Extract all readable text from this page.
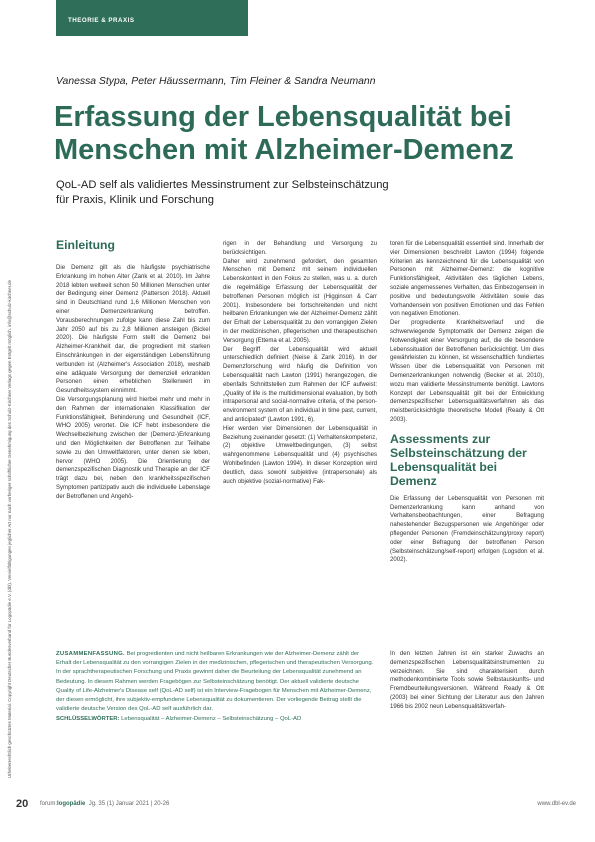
Urheberrechtlich geschütztes Material. Copyright Deutscher Bundesverband für Logopädie e.V. (dbl). Vervielfältigungen jeglicher Art nur nach vorheriger schriftlicher Genehmigung des Schulz-Kirchner Verlags gegen Entgelt möglich. info@schulz-kirchner.de
THEORIE & PRAXIS
Vanessa Stypa, Peter Häussermann, Tim Fleiner & Sandra Neumann
Erfassung der Lebensqualität bei Menschen mit Alzheimer-Demenz

QoL-AD self als validiertes Messinstrument zur Selbsteinschätzung

für Praxis, Klinik und Forschung

Einleitung

Die Demenz gilt als die häufigste psychiatrische Erkrankung im hohen Alter (Zank et al. 2010). Im Jahre 2018 lebten weltweit schon 50 Millionen Menschen unter der Bedingung einer Demenz (Patterson 2018). Aktuell sind in Deutschland rund 1,6 Millionen Menschen von einer Demenzerkrankung betroffen. Vorausberechnungen zufolge kann diese Zahl bis zum Jahr 2050 auf bis zu 2,8 Millionen ansteigen (Bickel 2020). Die häufigste Form stellt die Demenz bei Alzheimer-Krankheit dar, die progredient mit starken Einschränkungen in der eigenständigen Lebensführung verbunden ist (Alzheimer's Association 2018), weshalb eine adäquate Versorgung der demenziell erkrankten Personen einen erheblichen Stellenwert im Gesundheitssystem einnimmt.

Die Versorgungsplanung wird hierbei mehr und mehr in den Rahmen der internationalen Klassifikation der Funktionsfähigkeit, Behinderung und Gesundheit (ICF, WHO 2005) verortet. Die ICF hebt insbesondere die Wechselbeziehung zwischen der (Demenz-)Erkrankung und den Möglichkeiten der Betroffenen zur Teilhabe sowie zu den Umweltfaktoren, unter denen sie leben, hervor (WHO 2005). Die Orientierung der demenzspezifischen Diagnostik und Therapie an der ICF trägt dazu bei, neben den krankheitsspezifischen Symptomen partizipativ auch die individuelle Lebenslage der Betroffenen und Angehö-

rigen in der Behandlung und Versorgung zu berücksichtigen.

Daher wird zunehmend gefordert, den gesamten Menschen mit Demenz mit seinem individuellen Lebenskontext in den Fokus zu stellen, was u. a. durch die regelmäßige Erfassung der Lebensqualität der betroffenen Personen möglich ist (Higginson & Carr 2001). Insbesondere bei fortschreitenden und nicht heilbaren Erkrankungen wie der Alzheimer-Demenz zählt der Erhalt der Lebensqualität zu den vorrangigen Zielen in der medizinischen, pflegerischen und therapeutischen Versorgung (Ettema et al. 2005).

Der Begriff der Lebensqualität wird aktuell unterschiedlich definiert (Neise & Zank 2016). In der Demenzforschung wird häufig die Definition von Lebensqualität nach Lawton (1991) herangezogen, die ebenfalls Schnittstellen zum Rahmen der ICF aufweist: „Quality of life is the multidimensional evaluation, by both intrapersonal and social-normative criteria, of the person-environment system of an individual in time past, current, and anticipated“ (Lawton 1991, 6).

Hier werden vier Dimensionen der Lebensqualität in Beziehung zueinander gesetzt: (1) Verhaltenskompetenz, (2) objektive Umweltbedingungen, (3) selbst wahrgenommene Lebensqualität und (4) psychisches Wohlbefinden (Lawton 1994). In dieser Konzeption wird deutlich, dass sowohl subjektive (intrapersonale) als auch objektive (sozial-normative) Fak-

toren für die Lebensqualität essentiell sind. Innerhalb der vier Dimensionen beschreibt Lawton (1994) folgende Kriterien als kennzeichnend für die Lebensqualität von Personen mit Alzheimer-Demenz: die kognitive Funktionsfähigkeit, Aktivitäten des täglichen Lebens, soziale angemessenes Verhalten, das Einbezogensein in positive und bedeutungsvolle Aktivitäten sowie das Vorhandensein von positiven Emotionen und das Fehlen von negativen Emotionen.

Der progrediente Krankheitsverlauf und die schwerwiegende Symptomatik der Demenz zeigen die Notwendigkeit einer Versorgung auf, die die besondere Lebenssituation der Betroffenen berücksichtigt. Um dies gewährleisten zu können, ist wissenschaftlich fundiertes Wissen über die Lebensqualität von Personen mit Demenzerkrankungen notwendig (Becker et al. 2010), wozu man validierte Messinstrumente benötigt. Lawtons Konzept der Lebensqualität gilt bei der Entwicklung demenzspezifischer Lebensqualitätsverfahren als das meistberücksichtigte theoretische Modell (Ready & Ott 2003).

Assessments zur Selbsteinschätzung der Lebensqualität bei Demenz

Die Erfassung der Lebensqualität von Personen mit Demenzerkrankung kann anhand von Verhaltensbeobachtungen, einer Befragung nahestehender Bezugspersonen wie Angehöriger oder pflegender Personen (Fremdeinschätzung/proxy report) oder einer Befragung der betroffenen Person (Selbsteinschätzung/self-report) erfolgen (Logsdon et al. 2002).

ZUSAMMENFASSUNG. Bei progredienten und nicht heilbaren Erkrankungen wie der Alzheimer-Demenz zählt der Erhalt der Lebensqualität zu den vorrangigen Zielen in der medizinischen, pflegerischen und therapeutischen Versorgung. In der sprachtherapeutischen Forschung und Praxis gewinnt daher die Beurteilung der Lebensqualität zunehmend an Bedeutung. In diesem Rahmen werden Fragebögen zur Selbsteinschätzung benötigt. Der aktuell validierte deutsche Quality of Life-Alzheimer's Disease self (QoL-AD self) ist ein Interview-Fragebogen für Menschen mit Alzheimer-Demenz, der diesen ermöglicht, ihre subjektiv-empfundene Lebensqualität zu dokumentieren. Der vorliegende Beitrag stellt die validierte deutsche Version des QoL-AD self ausführlich dar.

SCHLÜSSELWÖRTER: Lebensqualität – Alzheimer-Demenz – Selbsteinschätzung – QoL-AD

In den letzten Jahren ist ein starker Zuwachs an demenzspezifischen Lebensqualitätsinstrumenten zu verzeichnen. Sie sind charakterisiert durch methodenkombinierte Tools sowie Selbstauskunfts- und Fremdbeurteilungsversionen. Während Ready & Ott (2003) bei einer Sichtung der Literatur aus den Jahren 1966 bis 2002 neun Lebensqualitätsverfah-

20 forum:logopädie Jg. 35 (1) Januar 2021 | 20-26	www.dbl-ev.de
